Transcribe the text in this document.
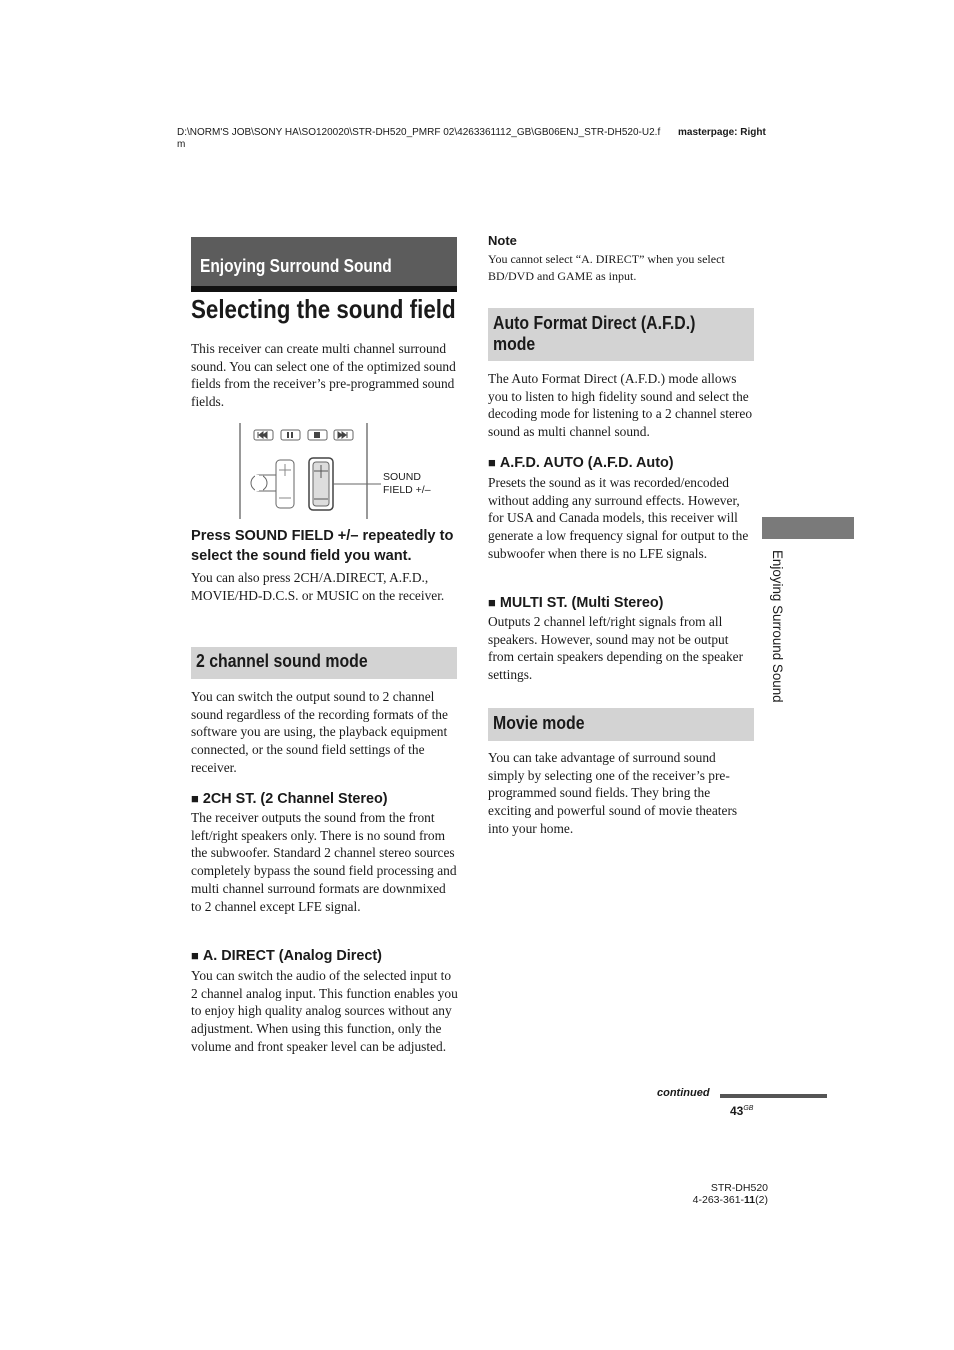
D:\NORM'S JOB\SONY HA\SO120020\STR-DH520_PMRF 02\4263361112_GB\GB06ENJ_STR-DH520-U2.fm
masterpage: Right
Enjoying Surround Sound
Selecting the sound field
This receiver can create multi channel surround sound. You can select one of the optimized sound fields from the receiver’s pre-programmed sound fields.
SOUND
FIELD +/–
Press SOUND FIELD +/– repeatedly to select the sound field you want.
You can also press 2CH/A.DIRECT, A.F.D., MOVIE/HD-D.C.S. or MUSIC on the receiver.
2 channel sound mode
You can switch the output sound to 2 channel sound regardless of the recording formats of the software you are using, the playback equipment connected, or the sound field settings of the receiver.
■ 2CH ST. (2 Channel Stereo)
The receiver outputs the sound from the front left/right speakers only. There is no sound from the subwoofer. Standard 2 channel stereo sources completely bypass the sound field processing and multi channel surround formats are downmixed to 2 channel except LFE signal.
■ A. DIRECT (Analog Direct)
You can switch the audio of the selected input to 2 channel analog input. This function enables you to enjoy high quality analog sources without any adjustment. When using this function, only the volume and front speaker level can be adjusted.
Note
You cannot select “A. DIRECT” when you select BD/DVD and GAME as input.
Auto Format Direct (A.F.D.) mode
The Auto Format Direct (A.F.D.) mode allows you to listen to high fidelity sound and select the decoding mode for listening to a 2 channel stereo sound as multi channel sound.
■ A.F.D. AUTO (A.F.D. Auto)
Presets the sound as it was recorded/encoded without adding any surround effects. However, for USA and Canada models, this receiver will generate a low frequency signal for output to the subwoofer when there is no LFE signals.
■ MULTI ST. (Multi Stereo)
Outputs 2 channel left/right signals from all speakers. However, sound may not be output from certain speakers depending on the speaker settings.
Movie mode
You can take advantage of surround sound simply by selecting one of the receiver’s pre-programmed sound fields. They bring the exciting and powerful sound of movie theaters into your home.
Enjoying Surround Sound
continued
$43^{GB}$
STR-DH520
4-263-361-11(2)
